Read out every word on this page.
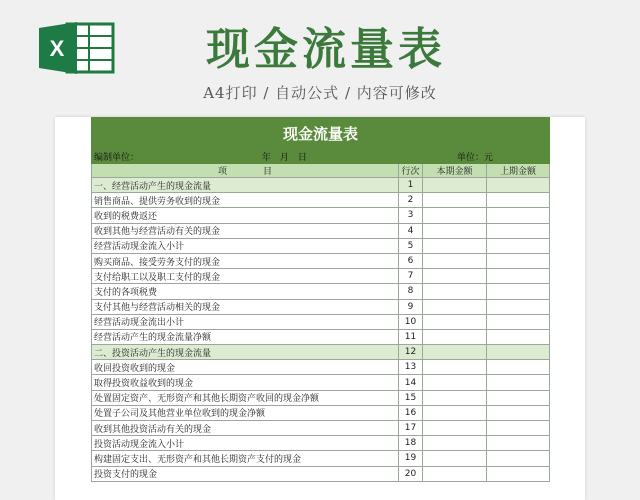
X	现金流量表
A4打印 / 自动公式 / 内容可修改
现金流量表			
编制单位： 年　月　日		单位：元	
项　　　　目	行次	本期金额	上期金额
一、经营活动产生的现金流量	1		
销售商品、提供劳务收到的现金	2		
收到的税费返还	3		
收到其他与经营活动有关的现金	4		
经营活动现金流入小计	5		
购买商品、接受劳务支付的现金	6		
支付给职工以及职工支付的现金	7		
支付的各项税费	8		
支付其他与经营活动相关的现金	9		
经营活动现金流出小计	10		
经营活动产生的现金流量净额	11		
二、投资活动产生的现金流量	12		
收回投资收到的现金	13		
取得投资收益收到的现金	14		
处置固定资产、无形资产和其他长期资产收回的现金净额	15		
处置子公司及其他营业单位收到的现金净额	16		
收到其他投资活动有关的现金	17		
投资活动现金流入小计	18		
构建固定支出、无形资产和其他长期资产支付的现金	19		
投资支付的现金	20		
